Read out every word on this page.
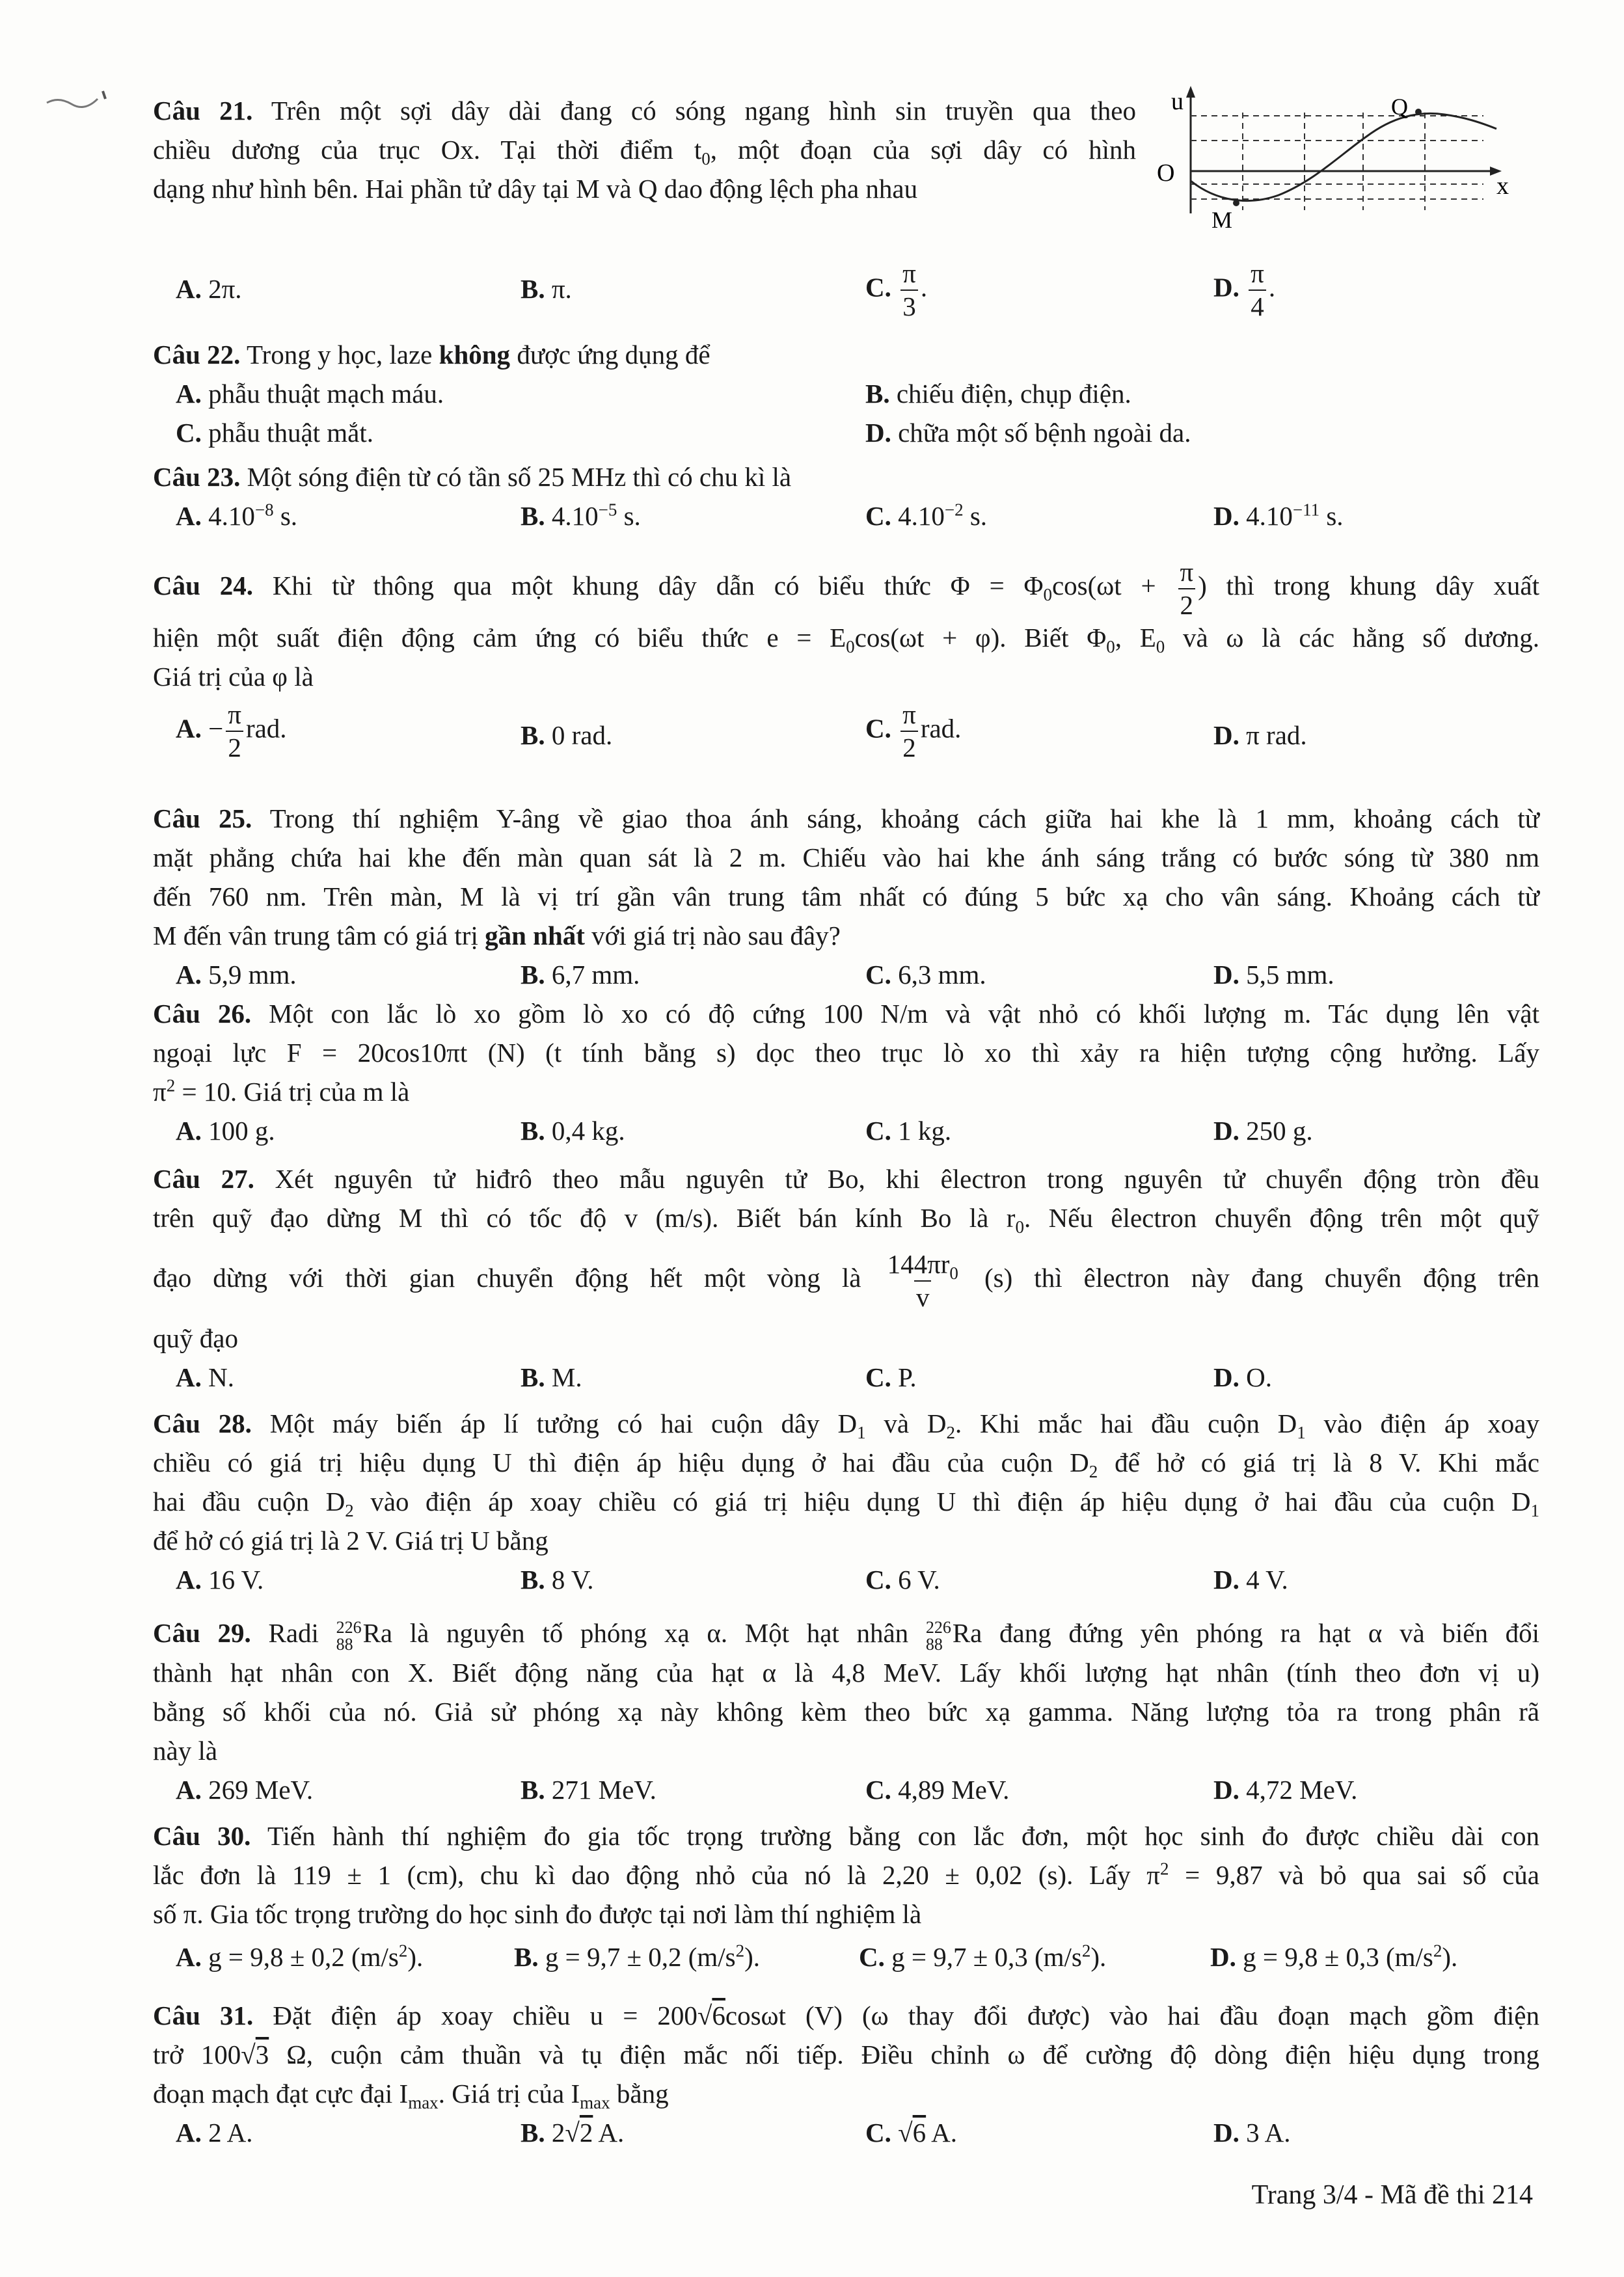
Câu 21. Trên một sợi dây dài đang có sóng ngang hình sin truyền qua theo
chiều dương của trục Ox. Tại thời điểm $t_0$, một đoạn của sợi dây có hình
dạng như hình bên. Hai phần tử dây tại M và Q dao động lệch pha nhau
u
O	x
M
Q
A. 2π.	B. π.	C. $\frac{\pi}{3}$ .	D. $\frac{\pi}{4}$ .
Câu 22. Trong y học, laze không được ứng dụng để
A. phẫu thuật mạch máu.	B. chiếu điện, chụp điện.
C. phẫu thuật mắt.	D. chữa một số bệnh ngoài da.
Câu 23. Một sóng điện từ có tần số 25 MHz thì có chu kì là
A. $4.10^{-8}$ s.	B. $4.10^{-5}$ s.	C. $4.10^{-2}$ s.	D. $4.10^{-11}$ s.
Câu 24. Khi từ thông qua một khung dây dẫn có biểu thức $\Phi = \Phi_0\cos(\omega t + \frac{\pi}{2}$ ) thì trong khung dây xuất
hiện một suất điện động cảm ứng có biểu thức $e = E_0\cos(\omega t + \varphi)$. Biết $\Phi_0$, $E_0$ và ω là các hằng số dương.
Giá trị của φ là
A. − $\frac{\pi}{2}$ rad.	B. 0 rad.	C. $\frac{\pi}{2}$ rad.	D. π rad.
Câu 25. Trong thí nghiệm Y-âng về giao thoa ánh sáng, khoảng cách giữa hai khe là 1 mm, khoảng cách từ
mặt phẳng chứa hai khe đến màn quan sát là 2 m. Chiếu vào hai khe ánh sáng trắng có bước sóng từ 380 nm
đến 760 nm. Trên màn, M là vị trí gần vân trung tâm nhất có đúng 5 bức xạ cho vân sáng. Khoảng cách từ
M đến vân trung tâm có giá trị gần nhất với giá trị nào sau đây?
A. 5,9 mm.	B. 6,7 mm.	C. 6,3 mm.	D. 5,5 mm.
Câu 26. Một con lắc lò xo gồm lò xo có độ cứng 100 N/m và vật nhỏ có khối lượng m. Tác dụng lên vật
ngoại lực F = 20cos10πt (N) (t tính bằng s) dọc theo trục lò xo thì xảy ra hiện tượng cộng hưởng. Lấy
$\pi^2 = 10$. Giá trị của m là
A. 100 g.	B. 0,4 kg.	C. 1 kg.	D. 250 g.
Câu 27. Xét nguyên tử hiđrô theo mẫu nguyên tử Bo, khi êlectron trong nguyên tử chuyển động tròn đều
trên quỹ đạo dừng M thì có tốc độ v (m/s). Biết bán kính Bo là $r_0$. Nếu êlectron chuyển động trên một quỹ
đạo dừng với thời gian chuyển động hết một vòng là $\frac{144\pi r_0}{v} (s)$ thì êlectron này đang chuyển động trên
quỹ đạo
A. N.	B. M.	C. P.	D. O.
Câu 28. Một máy biến áp lí tưởng có hai cuộn dây $D_1$ và $D_2$. Khi mắc hai đầu cuộn $D_1$ vào điện áp xoay
chiều có giá trị hiệu dụng U thì điện áp hiệu dụng ở hai đầu của cuộn $D_2$ để hở có giá trị là 8 V. Khi mắc
hai đầu cuộn $D_2$ vào điện áp xoay chiều có giá trị hiệu dụng U thì điện áp hiệu dụng ở hai đầu của cuộn $D_1$
để hở có giá trị là 2 V. Giá trị U bằng
A. 16 V.	B. 8 V.	C. 6 V.	D. 4 V.
Câu 29. Radi 226
88 Ra là nguyên tố phóng xạ α. Một hạt nhân 226
88 Ra đang đứng yên phóng ra hạt α và biến đổi
thành hạt nhân con X. Biết động năng của hạt α là 4,8 MeV. Lấy khối lượng hạt nhân (tính theo đơn vị u)
bằng số khối của nó. Giả sử phóng xạ này không kèm theo bức xạ gamma. Năng lượng tỏa ra trong phân rã
này là
A. 269 MeV.	B. 271 MeV.	C. 4,89 MeV.	D. 4,72 MeV.
Câu 30. Tiến hành thí nghiệm đo gia tốc trọng trường bằng con lắc đơn, một học sinh đo được chiều dài con
lắc đơn là 119 ± 1 (cm), chu kì dao động nhỏ của nó là 2,20 ± 0,02 (s). Lấy $\pi^2 = 9,87$ và bỏ qua sai số của
số π. Gia tốc trọng trường do học sinh đo được tại nơi làm thí nghiệm là
A. g = 9,8 ± 0,2 $(m/s^2)$.	B. g = 9,7 ± 0,2 $(m/s^2)$.	C. g = 9,7 ± 0,3 $(m/s^2)$.	D. g = 9,8 ± 0,3 $(m/s^2)$.
Câu 31. Đặt điện áp xoay chiều u = 200√6cosωt (V) (ω thay đổi được) vào hai đầu đoạn mạch gồm điện
trở 100√3 Ω, cuộn cảm thuần và tụ điện mắc nối tiếp. Điều chỉnh ω để cường độ dòng điện hiệu dụng trong
đoạn mạch đạt cực đại $I_{max}$. Giá trị của $I_{max}$ bằng
A. 2 A.	B. 2√2 A.	C. √6 A.	D. 3 A.
Trang 3/4 - Mã đề thi 214
